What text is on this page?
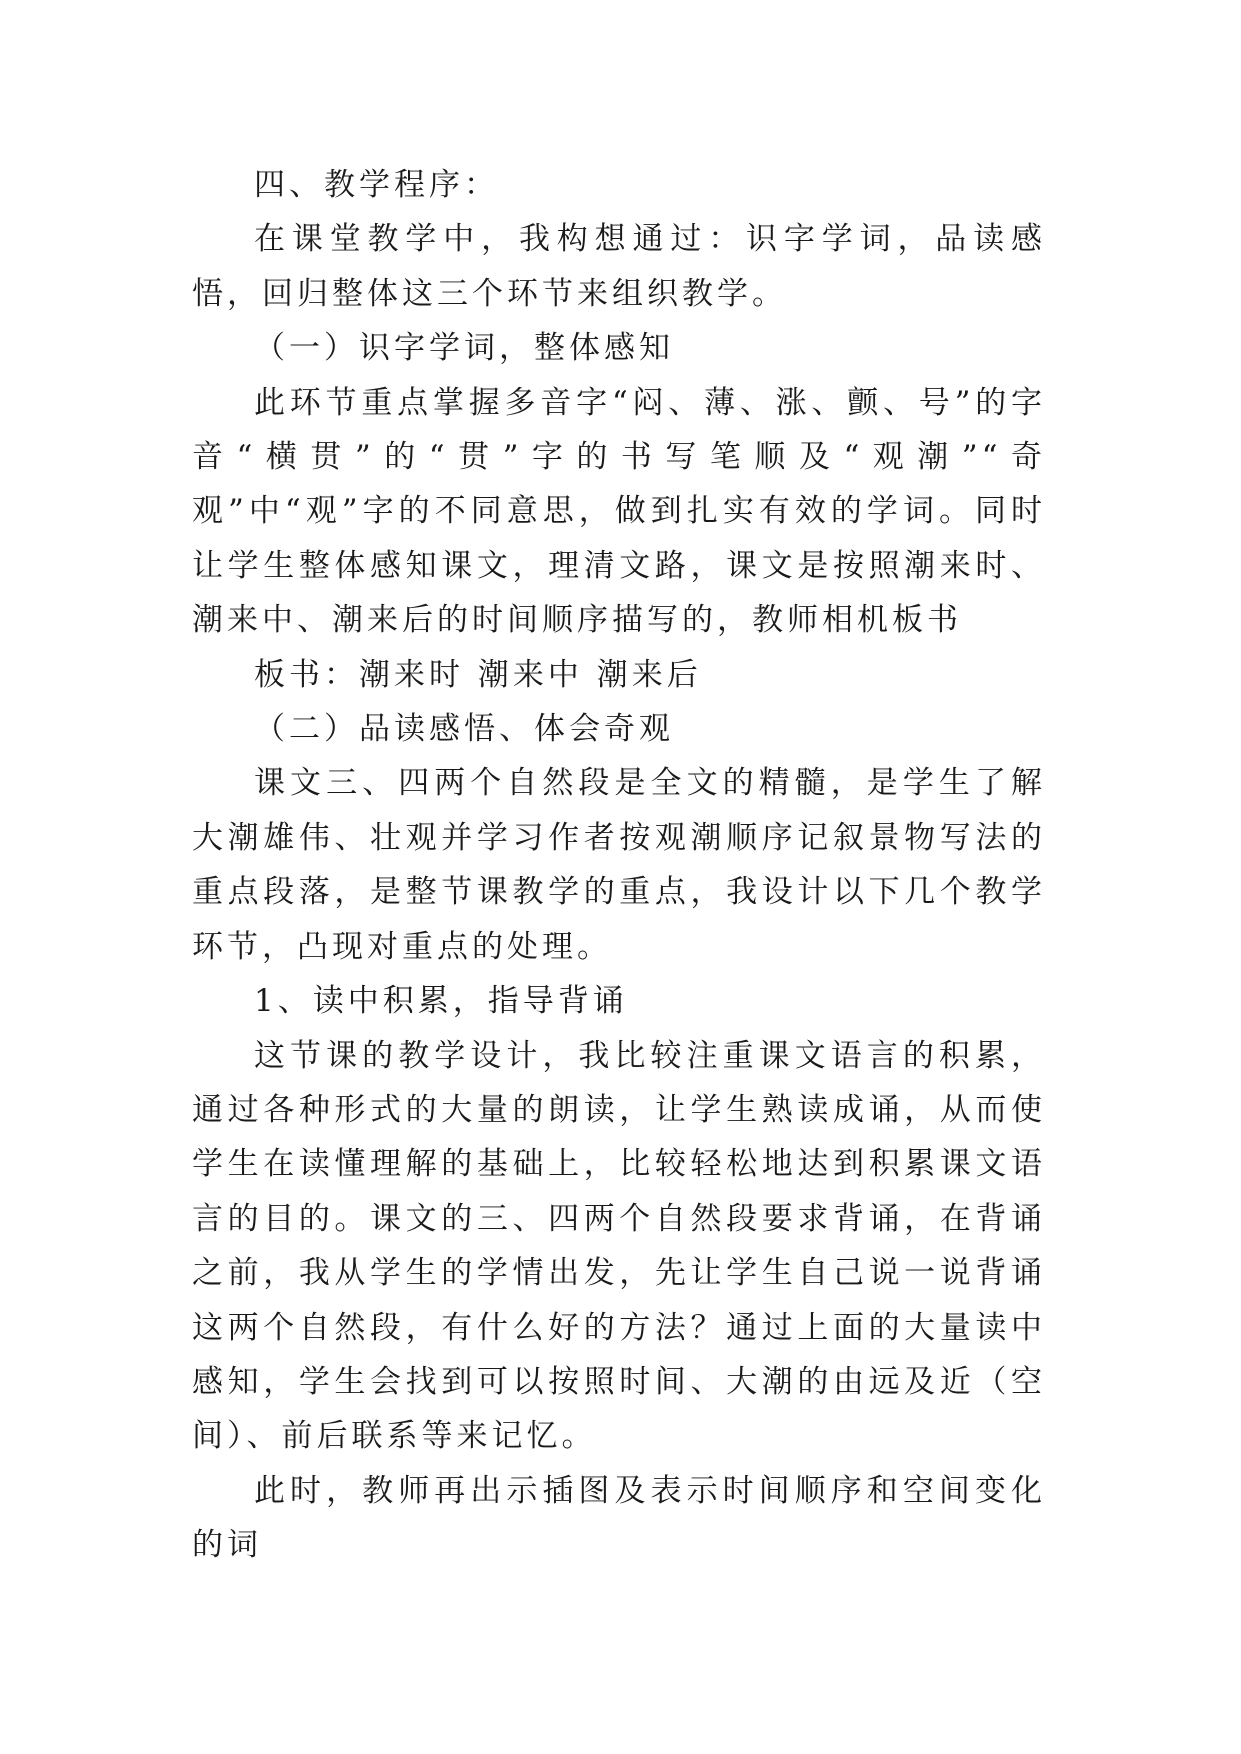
四、教学程序：

在课堂教学中，我构想通过：识字学词，品读感悟，回归整体这三个环节来组织教学。

（一）识字学词，整体感知

此环节重点掌握多音字“闷、薄、涨、颤、号”的字音“横贯”的“贯”字的书写笔顺及“观潮”“奇观”中“观”字的不同意思，做到扎实有效的学词。同时让学生整体感知课文，理清文路，课文是按照潮来时、潮来中、潮来后的时间顺序描写的，教师相机板书

板书：潮来时 潮来中 潮来后

（二）品读感悟、体会奇观

课文三、四两个自然段是全文的精髓，是学生了解大潮雄伟、壮观并学习作者按观潮顺序记叙景物写法的重点段落，是整节课教学的重点，我设计以下几个教学环节，凸现对重点的处理。

1、读中积累，指导背诵

这节课的教学设计，我比较注重课文语言的积累，通过各种形式的大量的朗读，让学生熟读成诵，从而使学生在读懂理解的基础上，比较轻松地达到积累课文语言的目的。课文的三、四两个自然段要求背诵，在背诵之前，我从学生的学情出发，先让学生自己说一说背诵这两个自然段，有什么好的方法？通过上面的大量读中感知，学生会找到可以按照时间、大潮的由远及近（空间）、前后联系等来记忆。

此时，教师再出示插图及表示时间顺序和空间变化的词
